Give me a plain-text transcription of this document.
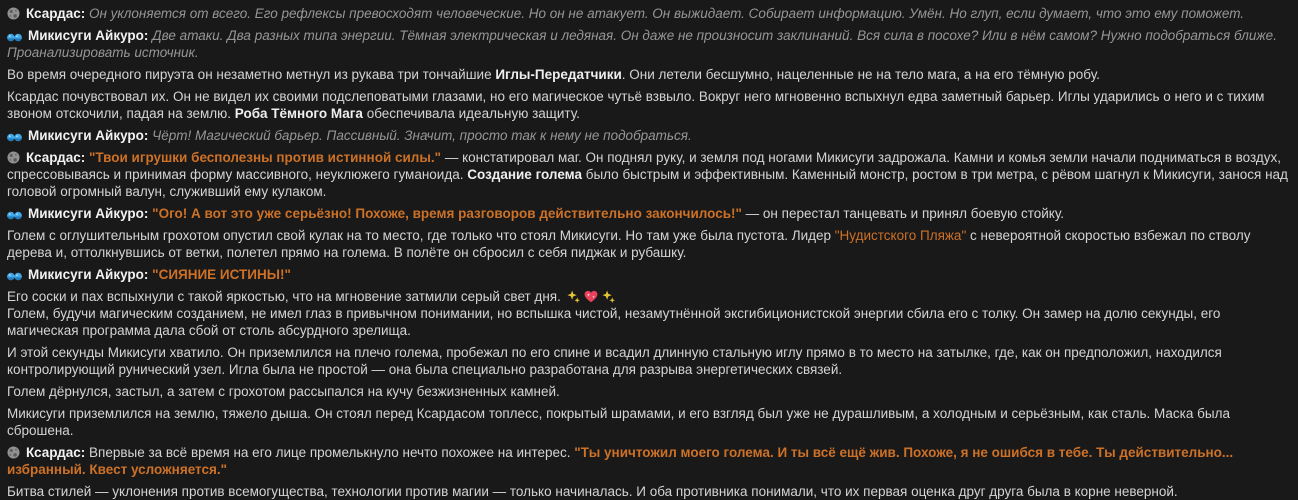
Ксардас: Он уклоняется от всего. Его рефлексы превосходят человеческие. Но он не атакует. Он выжидает. Собирает информацию. Умён. Но глуп, если думает, что это ему поможет.

Микисуги Айкуро: Две атаки. Два разных типа энергии. Тёмная электрическая и ледяная. Он даже не произносит заклинаний. Вся сила в посохе? Или в нём самом? Нужно подобраться ближе. Проанализировать источник.

Во время очередного пируэта он незаметно метнул из рукава три тончайшие Иглы-Передатчики. Они летели бесшумно, нацеленные не на тело мага, а на его тёмную робу.

Ксардас почувствовал их. Он не видел их своими подслеповатыми глазами, но его магическое чутьё взвыло. Вокруг него мгновенно вспыхнул едва заметный барьер. Иглы ударились о него и с тихим звоном отскочили, падая на землю. Роба Тёмного Мага обеспечивала идеальную защиту.

Микисуги Айкуро: Чёрт! Магический барьер. Пассивный. Значит, просто так к нему не подобраться.

Ксардас: "Твои игрушки бесполезны против истинной силы." — констатировал маг. Он поднял руку, и земля под ногами Микисуги задрожала. Камни и комья земли начали подниматься в воздух, спрессовываясь и принимая форму массивного, неуклюжего гуманоида. Создание голема было быстрым и эффективным. Каменный монстр, ростом в три метра, с рёвом шагнул к Микисуги, занося над головой огромный валун, служивший ему кулаком.

Микисуги Айкуро: "Ого! А вот это уже серьёзно! Похоже, время разговоров действительно закончилось!" — он перестал танцевать и принял боевую стойку.

Голем с оглушительным грохотом опустил свой кулак на то место, где только что стоял Микисуги. Но там уже была пустота. Лидер "Нудистского Пляжа" с невероятной скоростью взбежал по стволу дерева и, оттолкнувшись от ветки, полетел прямо на голема. В полёте он сбросил с себя пиджак и рубашку.

Микисуги Айкуро: "СИЯНИЕ ИСТИНЫ!"

Его соски и пах вспыхнули с такой яркостью, что на мгновение затмили серый свет дня.
Голем, будучи магическим созданием, не имел глаз в привычном понимании, но вспышка чистой, незамутнённой эксгибиционистской энергии сбила его с толку. Он замер на долю секунды, его магическая программа дала сбой от столь абсурдного зрелища.

И этой секунды Микисуги хватило. Он приземлился на плечо голема, пробежал по его спине и всадил длинную стальную иглу прямо в то место на затылке, где, как он предположил, находился контролирующий рунический узел. Игла была не простой — она была специально разработана для разрыва энергетических связей.

Голем дёрнулся, застыл, а затем с грохотом рассыпался на кучу безжизненных камней.

Микисуги приземлился на землю, тяжело дыша. Он стоял перед Ксардасом топлесс, покрытый шрамами, и его взгляд был уже не дурашливым, а холодным и серьёзным, как сталь. Маска была сброшена.

Ксардас: Впервые за всё время на его лице промелькнуло нечто похожее на интерес. "Ты уничтожил моего голема. И ты всё ещё жив. Похоже, я не ошибся в тебе. Ты действительно... избранный. Квест усложняется."

Битва стилей — уклонения против всемогущества, технологии против магии — только начиналась. И оба противника понимали, что их первая оценка друг друга была в корне неверной.
